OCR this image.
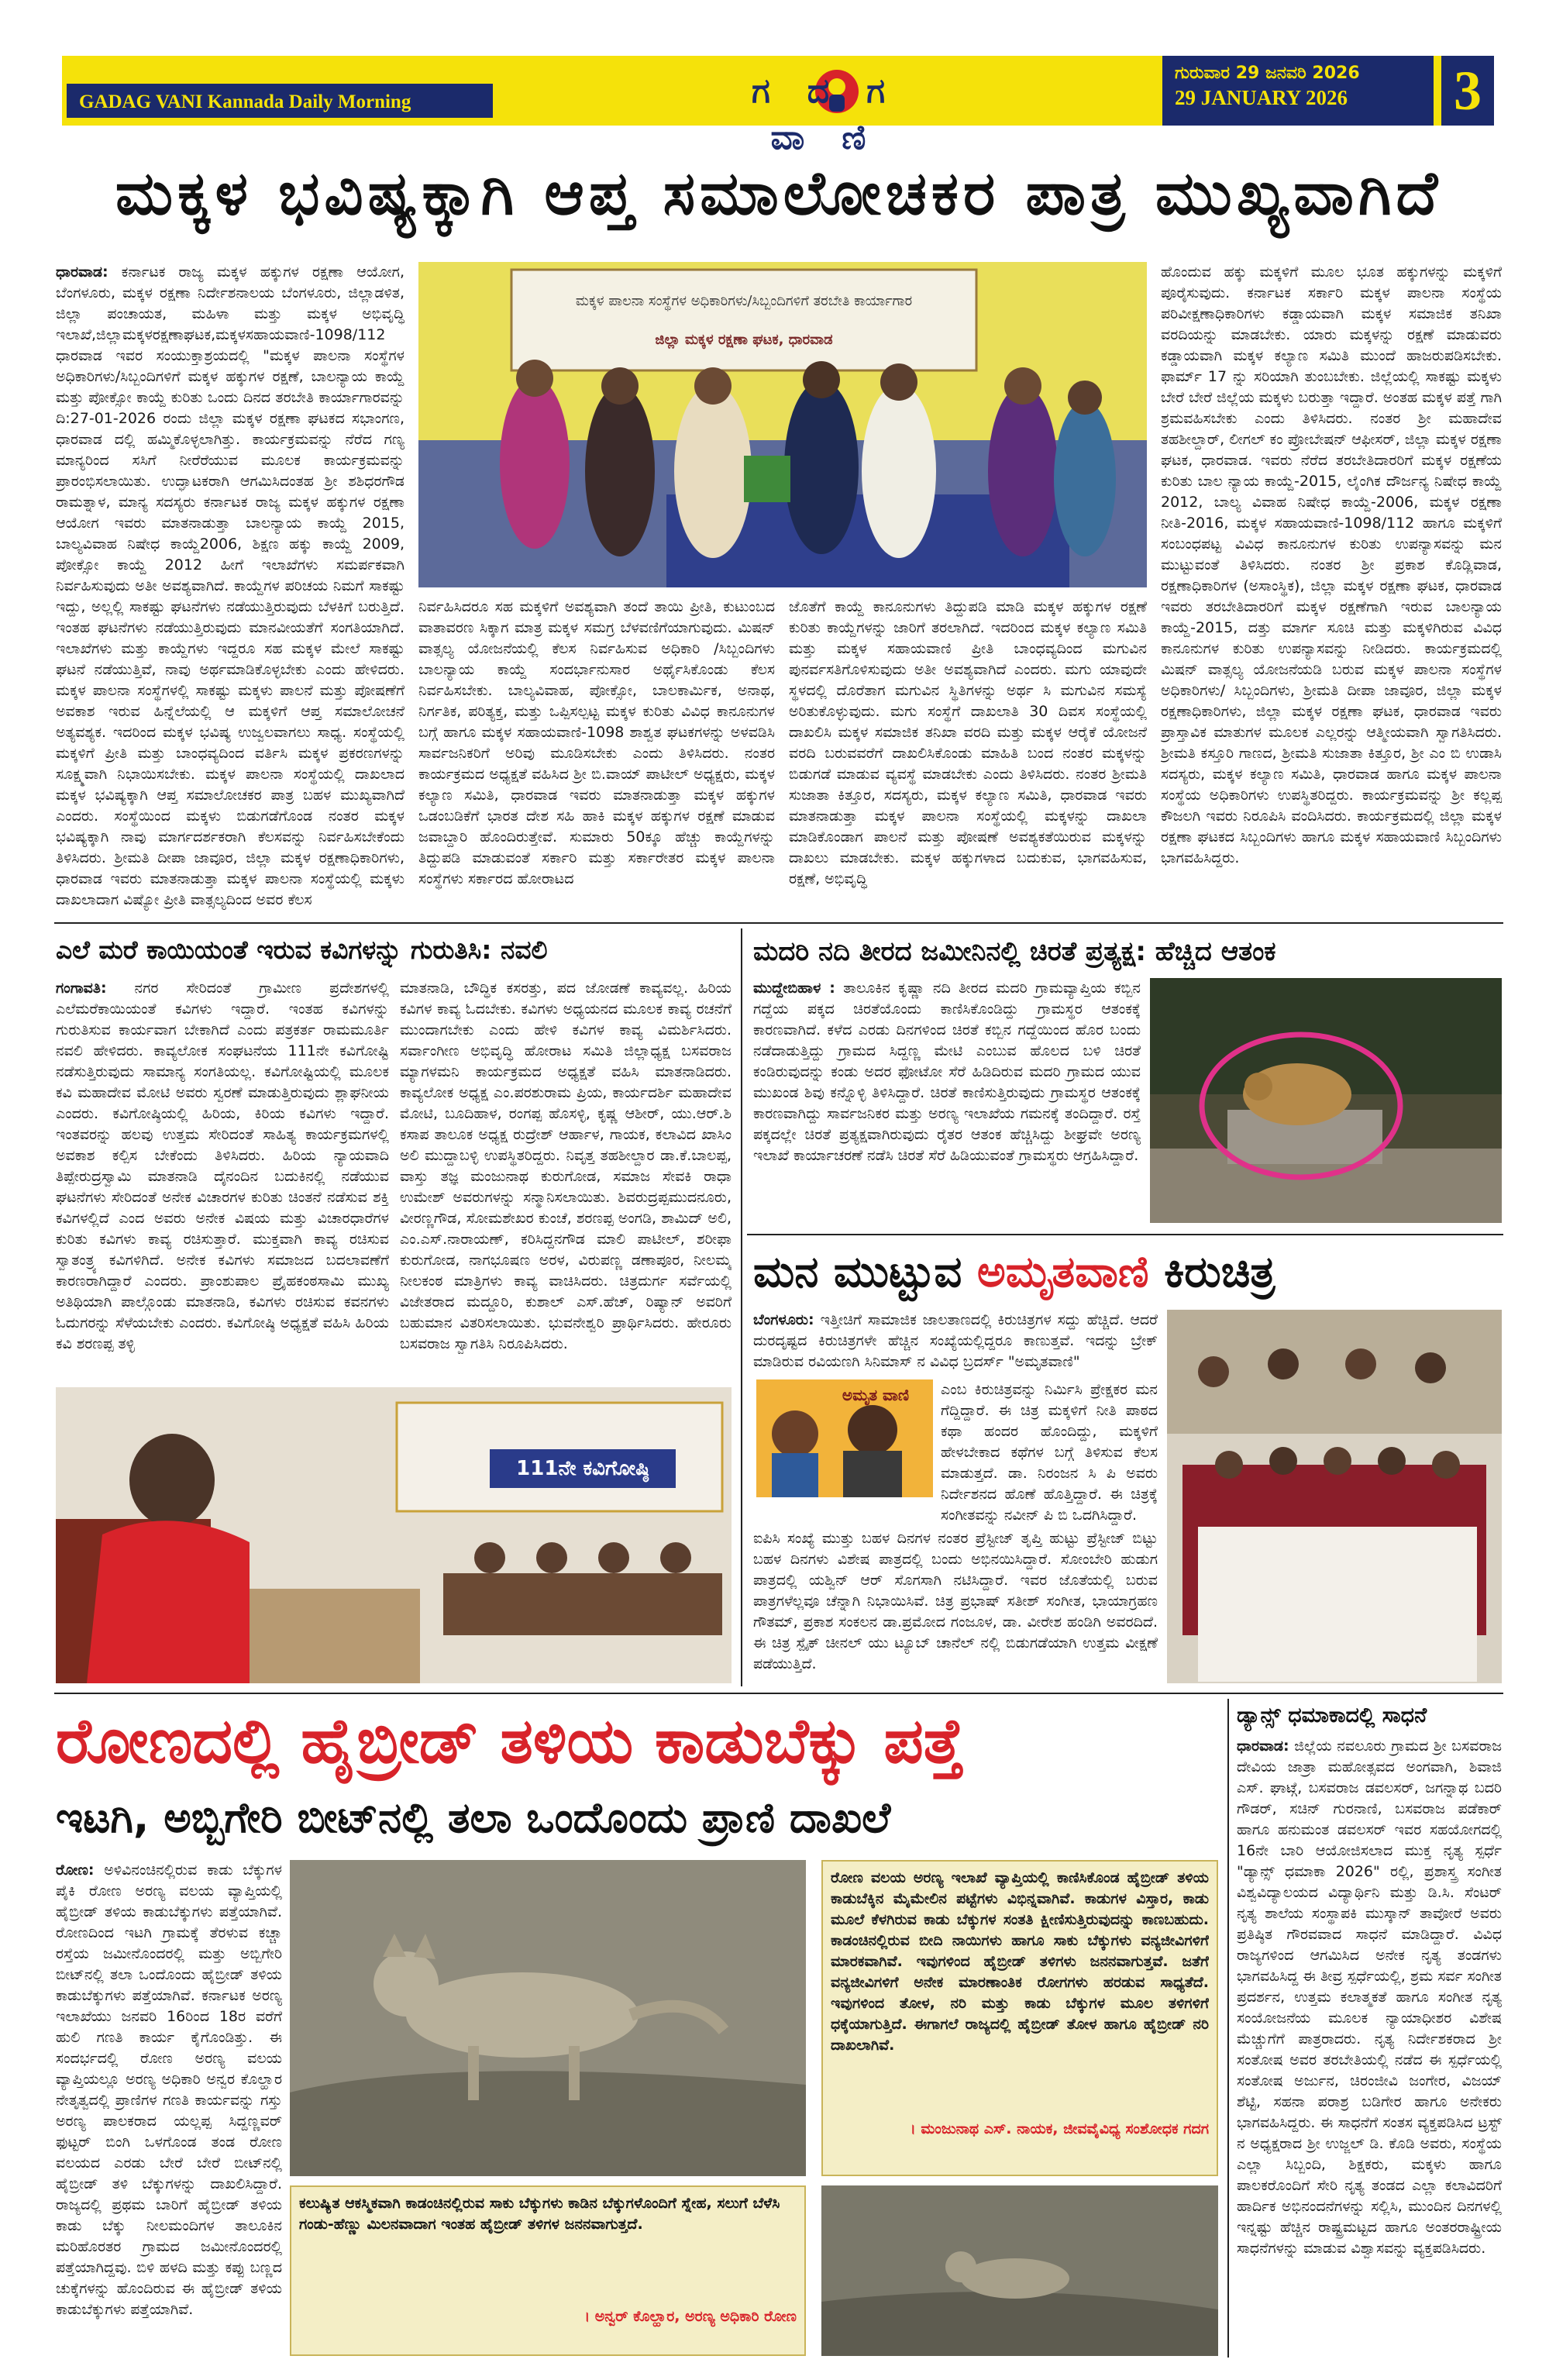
GADAG VANI Kannada Daily Morning	ಗದಗ ವಾಣಿ
ಗುರುವಾರ 29 ಜನವರಿ 2026
29 JANUARY 2026	3
ಮಕ್ಕಳ ಭವಿಷ್ಯಕ್ಕಾಗಿ ಆಪ್ತ ಸಮಾಲೋಚಕರ ಪಾತ್ರ ಮುಖ್ಯವಾಗಿದೆ
ಮಕ್ಕಳ ಪಾಲನಾ ಸಂಸ್ಥೆಗಳ ಅಧಿಕಾರಿಗಳು/ಸಿಬ್ಬಂದಿಗಳಿಗೆ ತರಬೇತಿ ಕಾರ್ಯಾಗಾರ
ಜಿಲ್ಲಾ ಮಕ್ಕಳ ರಕ್ಷಣಾ ಘಟಕ, ಧಾರವಾಡ
ಧಾರವಾಡ: ಕರ್ನಾಟಕ ರಾಜ್ಯ ಮಕ್ಕಳ ಹಕ್ಕುಗಳ ರಕ್ಷಣಾ ಆಯೋಗ, ಬೆಂಗಳೂರು, ಮಕ್ಕಳ ರಕ್ಷಣಾ ನಿರ್ದೇಶನಾಲಯ ಬೆಂಗಳೂರು, ಜಿಲ್ಲಾಡಳಿತ, ಜಿಲ್ಲಾ ಪಂಚಾಯತ, ಮಹಿಳಾ ಮತ್ತು ಮಕ್ಕಳ ಅಭಿವೃದ್ಧಿ ಇಲಾಖೆ,ಜಿಲ್ಲಾಮಕ್ಕಳರಕ್ಷಣಾಘಟಕ,ಮಕ್ಕಳಸಹಾಯವಾಣಿ-1098/112 ಧಾರವಾಡ ಇವರ ಸಂಯುಕ್ತಾಶ್ರಯದಲ್ಲಿ "ಮಕ್ಕಳ ಪಾಲನಾ ಸಂಸ್ಥೆಗಳ ಅಧಿಕಾರಿಗಳು/ಸಿಬ್ಬಂದಿಗಳಿಗೆ ಮಕ್ಕಳ ಹಕ್ಕುಗಳ ರಕ್ಷಣೆ, ಬಾಲನ್ಯಾಯ ಕಾಯ್ದೆ ಮತ್ತು ಪೋಕ್ಸೋ ಕಾಯ್ದೆ ಕುರಿತು ಒಂದು ದಿನದ ತರಬೇತಿ ಕಾರ್ಯಾಗಾರವನ್ನು ದಿ:27-01-2026 ರಂದು ಜಿಲ್ಲಾ ಮಕ್ಕಳ ರಕ್ಷಣಾ ಘಟಕದ ಸಭಾಂಗಣ, ಧಾರವಾಡ ದಲ್ಲಿ ಹಮ್ಮಿಕೊಳ್ಳಲಾಗಿತ್ತು. ಕಾರ್ಯಕ್ರಮವನ್ನು ನೆರೆದ ಗಣ್ಯ ಮಾನ್ಯರಿಂದ ಸಸಿಗೆ ನೀರೆರೆಯುವ ಮೂಲಕ ಕಾರ್ಯಕ್ರಮವನ್ನು ಪ್ರಾರಂಭಿಸಲಾಯಿತು. ಉದ್ಘಾಟಕರಾಗಿ ಆಗಮಿಸಿದಂತಹ ಶ್ರೀ ಶಶಿಧರಗೌಡ ರಾಮತ್ನಾಳ, ಮಾನ್ಯ ಸದಸ್ಯರು ಕರ್ನಾಟಕ ರಾಜ್ಯ ಮಕ್ಕಳ ಹಕ್ಕುಗಳ ರಕ್ಷಣಾ ಆಯೋಗ ಇವರು ಮಾತನಾಡುತ್ತಾ ಬಾಲನ್ಯಾಯ ಕಾಯ್ದೆ 2015, ಬಾಲ್ಯವಿವಾಹ ನಿಷೇಧ ಕಾಯ್ದೆ2006, ಶಿಕ್ಷಣ ಹಕ್ಕು ಕಾಯ್ದೆ 2009, ಪೋಕ್ಸೋ ಕಾಯ್ದೆ 2012 ಹೀಗೆ ಇಲಾಖೆಗಳು ಸಮರ್ಪಕವಾಗಿ ನಿರ್ವಹಿಸುವುದು ಅತೀ ಅವಶ್ಯವಾಗಿದೆ. ಕಾಯ್ದೆಗಳ ಪರಿಚಯ ನಿಮಗೆ ಸಾಕಷ್ಟು ಇದ್ದು, ಅಲ್ಲಲ್ಲಿ ಸಾಕಷ್ಟು ಘಟನೆಗಳು ನಡೆಯುತ್ತಿರುವುದು ಬೆಳಕಿಗೆ ಬರುತ್ತಿದೆ. ಇಂತಹ ಘಟನೆಗಳು ನಡೆಯುತ್ತಿರುವುದು ಮಾನವೀಯತೆಗೆ ಸಂಗತಿಯಾಗಿದೆ. ಇಲಾಖೆಗಳು ಮತ್ತು ಕಾಯ್ದೆಗಳು ಇದ್ದರೂ ಸಹ ಮಕ್ಕಳ ಮೇಲೆ ಸಾಕಷ್ಟು ಘಟನೆ ನಡೆಯುತ್ತಿವೆ, ನಾವು ಅರ್ಥಮಾಡಿಕೊಳ್ಳಬೇಕು ಎಂದು ಹೇಳಿದರು. ಮಕ್ಕಳ ಪಾಲನಾ ಸಂಸ್ಥೆಗಳಲ್ಲಿ ಸಾಕಷ್ಟು ಮಕ್ಕಳು ಪಾಲನೆ ಮತ್ತು ಪೋಷಣೆಗೆ ಅವಕಾಶ ಇರುವ ಹಿನ್ನೆಲೆಯಲ್ಲಿ ಆ ಮಕ್ಕಳಿಗೆ ಆಪ್ತ ಸಮಾಲೋಚನೆ ಅತ್ಯವಶ್ಯಕ. ಇದರಿಂದ ಮಕ್ಕಳ ಭವಿಷ್ಯ ಉಜ್ವಲವಾಗಲು ಸಾಧ್ಯ. ಸಂಸ್ಥೆಯಲ್ಲಿ ಮಕ್ಕಳಿಗೆ ಪ್ರೀತಿ ಮತ್ತು ಬಾಂಧವ್ಯದಿಂದ ವರ್ತಿಸಿ ಮಕ್ಕಳ ಪ್ರಕರಣಗಳನ್ನು ಸೂಕ್ಷ್ಮವಾಗಿ ನಿಭಾಯಿಸಬೇಕು. ಮಕ್ಕಳ ಪಾಲನಾ ಸಂಸ್ಥೆಯಲ್ಲಿ ದಾಖಲಾದ ಮಕ್ಕಳ ಭವಿಷ್ಯಕ್ಕಾಗಿ ಆಪ್ತ ಸಮಾಲೋಚಕರ ಪಾತ್ರ ಬಹಳ ಮುಖ್ಯವಾಗಿದೆ ಎಂದರು. ಸಂಸ್ಥೆಯಿಂದ ಮಕ್ಕಳು ಬಿಡುಗಡೆಗೊಂಡ ನಂತರ ಮಕ್ಕಳ ಭವಿಷ್ಯಕ್ಕಾಗಿ ನಾವು ಮಾರ್ಗದರ್ಶಕರಾಗಿ ಕೆಲಸವನ್ನು ನಿರ್ವಹಿಸಬೇಕೆಂದು ತಿಳಿಸಿದರು. ಶ್ರೀಮತಿ ದೀಪಾ ಜಾವೂರ, ಜಿಲ್ಲಾ ಮಕ್ಕಳ ರಕ್ಷಣಾಧಿಕಾರಿಗಳು, ಧಾರವಾಡ ಇವರು ಮಾತನಾಡುತ್ತಾ ಮಕ್ಕಳ ಪಾಲನಾ ಸಂಸ್ಥೆಯಲ್ಲಿ ಮಕ್ಕಳು ದಾಖಲಾದಾಗ ವಿಷ್ಯೋ ಪ್ರೀತಿ ವಾತ್ಸಲ್ಯದಿಂದ ಅವರ ಕೆಲಸ
ನಿರ್ವಹಿಸಿದರೂ ಸಹ ಮಕ್ಕಳಿಗೆ ಅವಶ್ಯವಾಗಿ ತಂದೆ ತಾಯಿ ಪ್ರೀತಿ, ಕುಟುಂಬದ ವಾತಾವರಣ ಸಿಕ್ಕಾಗ ಮಾತ್ರ ಮಕ್ಕಳ ಸಮಗ್ರ ಬೆಳವಣಿಗೆಯಾಗುವುದು. ಮಿಷನ್ ವಾತ್ಸಲ್ಯ ಯೋಜನೆಯಲ್ಲಿ ಕೆಲಸ ನಿರ್ವಹಿಸುವ ಅಧಿಕಾರಿ /ಸಿಬ್ಬಂದಿಗಳು ಬಾಲನ್ಯಾಯ ಕಾಯ್ದೆ ಸಂದರ್ಭಾನುಸಾರ ಅರ್ಥೈಸಿಕೊಂಡು ಕೆಲಸ ನಿರ್ವಹಿಸಬೇಕು. ಬಾಲ್ಯವಿವಾಹ, ಪೋಕ್ಸೋ, ಬಾಲಕಾರ್ಮಿಕ, ಅನಾಥ, ನಿರ್ಗತಿಕ, ಪರಿತ್ಯಕ್ತ, ಮತ್ತು ಒಪ್ಪಿಸಲ್ಪಟ್ಟ ಮಕ್ಕಳ ಕುರಿತು ವಿವಿಧ ಕಾನೂನುಗಳ ಬಗ್ಗೆ ಹಾಗೂ ಮಕ್ಕಳ ಸಹಾಯವಾಣಿ-1098 ಶಾಶ್ವತ ಘಟಕಗಳನ್ನು ಅಳವಡಿಸಿ ಸಾರ್ವಜನಿಕರಿಗೆ ಅರಿವು ಮೂಡಿಸಬೇಕು ಎಂದು ತಿಳಿಸಿದರು. ನಂತರ ಕಾರ್ಯಕ್ರಮದ ಅಧ್ಯಕ್ಷತೆ ವಹಿಸಿದ ಶ್ರೀ ಬಿ.ವಾಯ್ ಪಾಟೀಲ್ ಅಧ್ಯಕ್ಷರು, ಮಕ್ಕಳ ಕಲ್ಯಾಣ ಸಮಿತಿ, ಧಾರವಾಡ ಇವರು ಮಾತನಾಡುತ್ತಾ ಮಕ್ಕಳ ಹಕ್ಕುಗಳ ಒಡಂಬಡಿಕೆಗೆ ಭಾರತ ದೇಶ ಸಹಿ ಹಾಕಿ ಮಕ್ಕಳ ಹಕ್ಕುಗಳ ರಕ್ಷಣೆ ಮಾಡುವ ಜವಾಬ್ದಾರಿ ಹೊಂದಿರುತ್ತೇವೆ. ಸುಮಾರು 50ಕ್ಕೂ ಹೆಚ್ಚು ಕಾಯ್ದೆಗಳನ್ನು ತಿದ್ದುಪಡಿ ಮಾಡುವಂತೆ ಸರ್ಕಾರಿ ಮತ್ತು ಸರ್ಕಾರೇತರ ಮಕ್ಕಳ ಪಾಲನಾ ಸಂಸ್ಥೆಗಳು ಸರ್ಕಾರದ ಹೋರಾಟದ
ಜೊತೆಗೆ ಕಾಯ್ದೆ ಕಾನೂನುಗಳು ತಿದ್ದುಪಡಿ ಮಾಡಿ ಮಕ್ಕಳ ಹಕ್ಕುಗಳ ರಕ್ಷಣೆ ಕುರಿತು ಕಾಯ್ದೆಗಳನ್ನು ಜಾರಿಗೆ ತರಲಾಗಿದೆ. ಇದರಿಂದ ಮಕ್ಕಳ ಕಲ್ಯಾಣ ಸಮಿತಿ ಮತ್ತು ಮಕ್ಕಳ ಸಹಾಯವಾಣಿ ಪ್ರೀತಿ ಬಾಂಧವ್ಯದಿಂದ ಮಗುವಿನ ಪುನರ್ವಸತಿಗೊಳಿಸುವುದು ಅತೀ ಅವಶ್ಯವಾಗಿದೆ ಎಂದರು. ಮಗು ಯಾವುದೇ ಸ್ಥಳದಲ್ಲಿ ದೊರೆತಾಗ ಮಗುವಿನ ಸ್ಥಿತಿಗಳನ್ನು ಅರ್ಥ ಸಿ ಮಗುವಿನ ಸಮಸ್ಯೆ ಅರಿತುಕೊಳ್ಳುವುದು. ಮಗು ಸಂಸ್ಥೆಗೆ ದಾಖಲಾತಿ 30 ದಿವಸ ಸಂಸ್ಥೆಯಲ್ಲಿ ದಾಖಲಿಸಿ ಮಕ್ಕಳ ಸಮಾಜಿಕ ತನಿಖಾ ವರದಿ ಮತ್ತು ಮಕ್ಕಳ ಆರೈಕೆ ಯೋಜನೆ ವರದಿ ಬರುವವರೆಗೆ ದಾಖಲಿಸಿಕೊಂಡು ಮಾಹಿತಿ ಬಂದ ನಂತರ ಮಕ್ಕಳನ್ನು ಬಿಡುಗಡೆ ಮಾಡುವ ವ್ಯವಸ್ಥೆ ಮಾಡಬೇಕು ಎಂದು ತಿಳಿಸಿದರು. ನಂತರ ಶ್ರೀಮತಿ ಸುಜಾತಾ ಕಿತ್ತೂರ, ಸದಸ್ಯರು, ಮಕ್ಕಳ ಕಲ್ಯಾಣ ಸಮಿತಿ, ಧಾರವಾಡ ಇವರು ಮಾತನಾಡುತ್ತಾ ಮಕ್ಕಳ ಪಾಲನಾ ಸಂಸ್ಥೆಯಲ್ಲಿ ಮಕ್ಕಳನ್ನು ದಾಖಲಾ ಮಾಡಿಕೊಂಡಾಗ ಪಾಲನೆ ಮತ್ತು ಪೋಷಣೆ ಅವಶ್ಯಕತೆಯಿರುವ ಮಕ್ಕಳನ್ನು ದಾಖಲು ಮಾಡಬೇಕು. ಮಕ್ಕಳ ಹಕ್ಕುಗಳಾದ ಬದುಕುವ, ಭಾಗವಹಿಸುವ, ರಕ್ಷಣೆ, ಅಭಿವೃದ್ಧಿ
ಹೊಂದುವ ಹಕ್ಕು ಮಕ್ಕಳಿಗೆ ಮೂಲ ಭೂತ ಹಕ್ಕುಗಳನ್ನು ಮಕ್ಕಳಿಗೆ ಪೂರೈಸುವುದು. ಕರ್ನಾಟಕ ಸರ್ಕಾರಿ ಮಕ್ಕಳ ಪಾಲನಾ ಸಂಸ್ಥೆಯ ಪರಿವೀಕ್ಷಣಾಧಿಕಾರಿಗಳು ಕಡ್ಡಾಯವಾಗಿ ಮಕ್ಕಳ ಸಮಾಜಿಕ ತನಿಖಾ ವರದಿಯನ್ನು ಮಾಡಬೇಕು. ಯಾರು ಮಕ್ಕಳನ್ನು ರಕ್ಷಣೆ ಮಾಡುವರು ಕಡ್ಡಾಯವಾಗಿ ಮಕ್ಕಳ ಕಲ್ಯಾಣ ಸಮಿತಿ ಮುಂದೆ ಹಾಜರುಪಡಿಸಬೇಕು. ಫಾರ್ಮ್ 17 ನ್ನು ಸರಿಯಾಗಿ ತುಂಬಬೇಕು. ಜಿಲ್ಲೆಯಲ್ಲಿ ಸಾಕಷ್ಟು ಮಕ್ಕಳು ಬೇರೆ ಬೇರೆ ಜಿಲ್ಲೆಯ ಮಕ್ಕಳು ಬರುತ್ತಾ ಇದ್ದಾರೆ. ಅಂತಹ ಮಕ್ಕಳ ಪತ್ತೆ ಗಾಗಿ ಶ್ರಮವಹಿಸಬೇಕು ಎಂದು ತಿಳಿಸಿದರು. ನಂತರ ಶ್ರೀ ಮಹಾದೇವ ತಹಶೀಲ್ದಾರ್, ಲೀಗಲ್ ಕಂ ಪ್ರೋಬೇಷನ್ ಆಫೀಸರ್, ಜಿಲ್ಲಾ ಮಕ್ಕಳ ರಕ್ಷಣಾ ಘಟಕ, ಧಾರವಾಡ. ಇವರು ನೆರೆದ ತರಬೇತಿದಾರರಿಗೆ ಮಕ್ಕಳ ರಕ್ಷಣೆಯ ಕುರಿತು ಬಾಲ ನ್ಯಾಯ ಕಾಯ್ದೆ-2015, ಲೈಂಗಿಕ ದೌರ್ಜನ್ಯ ನಿಷೇಧ ಕಾಯ್ದೆ 2012, ಬಾಲ್ಯ ವಿವಾಹ ನಿಷೇಧ ಕಾಯ್ದೆ-2006, ಮಕ್ಕಳ ರಕ್ಷಣಾ ನೀತಿ-2016, ಮಕ್ಕಳ ಸಹಾಯವಾಣಿ-1098/112 ಹಾಗೂ ಮಕ್ಕಳಿಗೆ ಸಂಬಂಧಪಟ್ಟ ವಿವಿಧ ಕಾನೂನುಗಳ ಕುರಿತು ಉಪನ್ಯಾಸವನ್ನು ಮನ ಮುಟ್ಟುವಂತೆ ತಿಳಿಸಿದರು. ನಂತರ ಶ್ರೀ ಪ್ರಕಾಶ ಕೊಡ್ಲಿವಾಡ, ರಕ್ಷಣಾಧಿಕಾರಿಗಳ (ಅಸಾಂಸ್ಥಿಕ), ಜಿಲ್ಲಾ ಮಕ್ಕಳ ರಕ್ಷಣಾ ಘಟಕ, ಧಾರವಾಡ ಇವರು ತರಬೇತಿದಾರರಿಗೆ ಮಕ್ಕಳ ರಕ್ಷಣೆಗಾಗಿ ಇರುವ ಬಾಲನ್ಯಾಯ ಕಾಯ್ದೆ-2015, ದತ್ತು ಮಾರ್ಗ ಸೂಚಿ ಮತ್ತು ಮಕ್ಕಳಿಗಿರುವ ವಿವಿಧ ಕಾನೂನುಗಳ ಕುರಿತು ಉಪನ್ಯಾಸವನ್ನು ನೀಡಿದರು. ಕಾರ್ಯಕ್ರಮದಲ್ಲಿ ಮಿಷನ್ ವಾತ್ಸಲ್ಯ ಯೋಜನೆಯಡಿ ಬರುವ ಮಕ್ಕಳ ಪಾಲನಾ ಸಂಸ್ಥೆಗಳ ಅಧಿಕಾರಿಗಳು/ ಸಿಬ್ಬಂದಿಗಳು, ಶ್ರೀಮತಿ ದೀಪಾ ಜಾವೂರ, ಜಿಲ್ಲಾ ಮಕ್ಕಳ ರಕ್ಷಣಾಧಿಕಾರಿಗಳು, ಜಿಲ್ಲಾ ಮಕ್ಕಳ ರಕ್ಷಣಾ ಘಟಕ, ಧಾರವಾಡ ಇವರು ಪ್ರಾಸ್ತಾವಿಕ ಮಾತುಗಳ ಮೂಲಕ ಎಲ್ಲರನ್ನು ಆತ್ಮೀಯವಾಗಿ ಸ್ವಾಗತಿಸಿದರು. ಶ್ರೀಮತಿ ಕಸ್ತೂರಿ ಗಾಣದ, ಶ್ರೀಮತಿ ಸುಜಾತಾ ಕಿತ್ತೂರ, ಶ್ರೀ ಎಂ ಬಿ ಉಡಾಸಿ ಸದಸ್ಯರು, ಮಕ್ಕಳ ಕಲ್ಯಾಣ ಸಮಿತಿ, ಧಾರವಾಡ ಹಾಗೂ ಮಕ್ಕಳ ಪಾಲನಾ ಸಂಸ್ಥೆಯ ಅಧಿಕಾರಿಗಳು ಉಪಸ್ಥಿತರಿದ್ದರು. ಕಾರ್ಯಕ್ರಮವನ್ನು ಶ್ರೀ ಕಲ್ಲಪ್ಪ ಕೌಜಲಗಿ ಇವರು ನಿರೂಪಿಸಿ ವಂದಿಸಿದರು. ಕಾರ್ಯಕ್ರಮದಲ್ಲಿ ಜಿಲ್ಲಾ ಮಕ್ಕಳ ರಕ್ಷಣಾ ಘಟಕದ ಸಿಬ್ಬಂದಿಗಳು ಹಾಗೂ ಮಕ್ಕಳ ಸಹಾಯವಾಣಿ ಸಿಬ್ಬಂದಿಗಳು ಭಾಗವಹಿಸಿದ್ದರು.
ಎಲೆ ಮರೆ ಕಾಯಿಯಂತೆ ಇರುವ ಕವಿಗಳನ್ನು ಗುರುತಿಸಿ: ನವಲಿ
ಗಂಗಾವತಿ: ನಗರ ಸೇರಿದಂತೆ ಗ್ರಾಮೀಣ ಪ್ರದೇಶಗಳಲ್ಲಿ ಎಲೆಮರೆಕಾಯಿಯಂತೆ ಕವಿಗಳು ಇದ್ದಾರೆ. ಇಂತಹ ಕವಿಗಳನ್ನು ಗುರುತಿಸುವ ಕಾರ್ಯವಾಗ ಬೇಕಾಗಿದೆ ಎಂದು ಪತ್ರಕರ್ತ ರಾಮಮೂರ್ತಿ ನವಲಿ ಹೇಳಿದರು. ಕಾವ್ಯಲೋಕ ಸಂಘಟನೆಯ 111ನೇ ಕವಿಗೋಷ್ಟಿ ನಡೆಸುತ್ತಿರುವುದು ಸಾಮಾನ್ಯ ಸಂಗತಿಯಲ್ಲ. ಕವಿಗೋಷ್ಟಿಯಲ್ಲಿ ಮೂಲಕ ಕವಿ ಮಹಾದೇವ ಮೋಟಿ ಅವರು ಸ್ವರಣೆ ಮಾಡುತ್ತಿರುವುದು ಶ್ಲಾಘನೀಯ ಎಂದರು. ಕವಿಗೋಷ್ಠಿಯಲ್ಲಿ ಹಿರಿಯ, ಕಿರಿಯ ಕವಿಗಳು ಇದ್ದಾರೆ. ಇಂತವರನ್ನು ಹಲವು ಉತ್ತಮ ಸೇರಿದಂತೆ ಸಾಹಿತ್ಯ ಕಾರ್ಯಕ್ರಮಗಳಲ್ಲಿ ಅವಕಾಶ ಕಲ್ಪಿಸ ಬೇಕೆಂದು ತಿಳಿಸಿದರು. ಹಿರಿಯ ನ್ಯಾಯವಾದಿ ತಿಪ್ಪೇರುದ್ರಸ್ವಾಮಿ ಮಾತನಾಡಿ ದೈನಂದಿನ ಬದುಕಿನಲ್ಲಿ ನಡೆಯುವ ಘಟನೆಗಳು ಸೇರಿದಂತೆ ಅನೇಕ ವಿಚಾರಗಳ ಕುರಿತು ಚಿಂತನೆ ನಡೆಸುವ ಶಕ್ತಿ ಕವಿಗಳಲ್ಲಿದೆ ಎಂದ ಅವರು ಅನೇಕ ವಿಷಯ ಮತ್ತು ವಿಚಾರಧಾರೆಗಳ ಕುರಿತು ಕವಿಗಳು ಕಾವ್ಯ ರಚಿಸುತ್ತಾರೆ. ಮುಕ್ತವಾಗಿ ಕಾವ್ಯ ರಚಿಸುವ ಸ್ವಾತಂತ್ರ್ಯ ಕವಿಗಳಿಗಿದೆ. ಅನೇಕ ಕವಿಗಳು ಸಮಾಜದ ಬದಲಾವಣೆಗೆ ಕಾರಣರಾಗಿದ್ದಾರೆ ಎಂದರು. ಪ್ರಾಂಶುಪಾಲ ಪ್ರೈಹಕಂಠಸಾಮಿ ಮುಖ್ಯ ಅತಿಥಿಯಾಗಿ ಪಾಲ್ಗೊಂಡು ಮಾತನಾಡಿ, ಕವಿಗಳು ರಚಿಸುವ ಕವನಗಳು ಓದುಗರನ್ನು ಸೆಳೆಯಬೇಕು ಎಂದರು. ಕವಿಗೋಷ್ಠಿ ಅಧ್ಯಕ್ಷತೆ ವಹಿಸಿ ಹಿರಿಯ ಕವಿ ಶರಣಪ್ಪ ತಳ್ಳಿ
ಮಾತನಾಡಿ, ಬೌದ್ಧಿಕ ಕಸರತ್ತು, ಪದ ಜೋಡಣೆ ಕಾವ್ಯವಲ್ಲ. ಹಿರಿಯ ಕವಿಗಳ ಕಾವ್ಯ ಓದಬೇಕು. ಕವಿಗಳು ಅಧ್ಯಯನದ ಮೂಲಕ ಕಾವ್ಯ ರಚನೆಗೆ ಮುಂದಾಗಬೇಕು ಎಂದು ಹೇಳಿ ಕವಿಗಳ ಕಾವ್ಯ ವಿಮರ್ಶಿಸಿದರು. ಸರ್ವಾಂಗೀಣ ಅಭಿವೃದ್ಧಿ ಹೋರಾಟ ಸಮಿತಿ ಜಿಲ್ಲಾಧ್ಯಕ್ಷ ಬಸವರಾಜ ಮ್ಯಾಗಳಮನಿ ಕಾರ್ಯಕ್ರಮದ ಅಧ್ಯಕ್ಷತೆ ವಹಿಸಿ ಮಾತನಾಡಿದರು. ಕಾವ್ಯಲೋಕ ಅಧ್ಯಕ್ಷ ಎಂ.ಪರಶುರಾಮ ಪ್ರಿಯ, ಕಾರ್ಯದರ್ಶಿ ಮಹಾದೇವ ಮೋಟಿ, ಬೂದಿಹಾಳ, ರಂಗಪ್ಪ ಹೊಸಳ್ಳಿ, ಕೃಷ್ಣ ಆಶೀರ್, ಯು.ಆರ್.ಶಿ ಕಸಾಪ ತಾಲೂಕ ಅಧ್ಯಕ್ಷ ರುದ್ರೇಶ್ ಆರ್ಹಾಳ, ಗಾಯಕ, ಕಲಾವಿದ ಖಾಸಿಂ ಅಲಿ ಮುದ್ದಾಬಳ್ಳಿ ಉಪಸ್ಥಿತರಿದ್ದರು. ನಿವೃತ್ತ ತಹಶೀಲ್ದಾರ ಡಾ.ಕೆ.ಬಾಲಪ್ಪ, ವಾಸ್ತು ತಜ್ಞ ಮಂಜುನಾಥ ಕುರುಗೋಡ, ಸಮಾಜ ಸೇವಕಿ ರಾಧಾ ಉಮೇಶ್ ಅವರುಗಳನ್ನು ಸನ್ಮಾನಿಸಲಾಯಿತು. ಶಿವರುದ್ರಪ್ಪಮುದನೂರು, ವೀರಣ್ಣಗೌಡ, ಸೋಮಶೇಖರ ಕುಂಚೆ, ಶರಣಪ್ಪ ಅಂಗಡಿ, ಶಾಮಿದ್ ಅಲಿ, ಎಂ.ಎಸ್.ನಾರಾಯಣ್, ಕರಿಸಿದ್ದನಗೌಡ ಮಾಲಿ ಪಾಟೀಲ್, ಶರೀಫಾ ಕುರುಗೋಡ, ನಾಗಭೂಷಣ ಅರಳ, ವಿರುಪಣ್ಣ ಡಣಾಪೂರ, ನೀಲಮ್ಮ ನೀಲಕಂಠ ಮಾತ್ರಿಗಳು ಕಾವ್ಯ ವಾಚಿಸಿದರು. ಚಿತ್ರದುರ್ಗ ಸರ್ವೆಯಲ್ಲಿ ವಿಜೇತರಾದ ಮದ್ದೂರಿ, ಕುಶಾಲ್ ಎಸ್.ಹೆಚ್, ರಿಷ್ಯಾನ್ ಅವರಿಗೆ ಬಹುಮಾನ ವಿತರಿಸಲಾಯಿತು. ಭುವನೇಶ್ವರಿ ಪ್ರಾರ್ಥಿಸಿದರು. ಹೇರೂರು ಬಸವರಾಜ ಸ್ವಾಗತಿಸಿ ನಿರೂಪಿಸಿದರು.
111ನೇ ಕವಿಗೋಷ್ಠಿ
ಮದರಿ ನದಿ ತೀರದ ಜಮೀನಿನಲ್ಲಿ ಚಿರತೆ ಪ್ರತ್ಯಕ್ಷ: ಹೆಚ್ಚಿದ ಆತಂಕ
ಮುದ್ದೇಬಿಹಾಳ : ತಾಲೂಕಿನ ಕೃಷ್ಣಾ ನದಿ ತೀರದ ಮದರಿ ಗ್ರಾಮವ್ಯಾಪ್ತಿಯ ಕಬ್ಬಿನ ಗದ್ದೆಯ ಪಕ್ಕದ ಚಿರತೆಯೊಂದು ಕಾಣಿಸಿಕೊಂಡಿದ್ದು ಗ್ರಾಮಸ್ಥರ ಆತಂಕಕ್ಕೆ ಕಾರಣವಾಗಿದೆ. ಕಳೆದ ಎರಡು ದಿನಗಳಿಂದ ಚಿರತೆ ಕಬ್ಬಿನ ಗದ್ದೆಯಿಂದ ಹೊರ ಬಂದು ನಡೆದಾಡುತ್ತಿದ್ದು ಗ್ರಾಮದ ಸಿದ್ದಣ್ಣ ಮೇಟಿ ಎಂಬುವ ಹೊಲದ ಬಳಿ ಚಿರತೆ ಕಂಡಿರುವುದನ್ನು ಕಂಡು ಅದರ ಫೋಟೋ ಸೆರೆ ಹಿಡಿದಿರುವ ಮದರಿ ಗ್ರಾಮದ ಯುವ ಮುಖಂಡ ಶಿವು ಕನ್ನೊಳ್ಳಿ ತಿಳಿಸಿದ್ದಾರೆ. ಚಿರತೆ ಕಾಣಿಸುತ್ತಿರುವುದು ಗ್ರಾಮಸ್ಥರ ಆತಂಕಕ್ಕೆ ಕಾರಣವಾಗಿದ್ದು ಸಾರ್ವಜನಿಕರ ಮತ್ತು ಅರಣ್ಯ ಇಲಾಖೆಯ ಗಮನಕ್ಕೆ ತಂದಿದ್ದಾರೆ. ರಸ್ತೆ ಪಕ್ಕದಲ್ಲೇ ಚಿರತೆ ಪ್ರತ್ಯಕ್ಷವಾಗಿರುವುದು ರೈತರ ಆತಂಕ ಹೆಚ್ಚಿಸಿದ್ದು ಶೀಘ್ರವೇ ಅರಣ್ಯ ಇಲಾಖೆ ಕಾರ್ಯಾಚರಣೆ ನಡೆಸಿ ಚಿರತೆ ಸೆರೆ ಹಿಡಿಯುವಂತೆ ಗ್ರಾಮಸ್ಥರು ಆಗ್ರಹಿಸಿದ್ದಾರೆ.
ಮನ ಮುಟ್ಟುವ ಅಮೃತವಾಣಿ ಕಿರುಚಿತ್ರ
ಬೆಂಗಳೂರು: ಇತ್ತೀಚಿಗೆ ಸಾಮಾಜಿಕ ಜಾಲತಾಣದಲ್ಲಿ ಕಿರುಚಿತ್ರಗಳ ಸದ್ದು ಹೆಚ್ಚಿದೆ. ಆದರೆ ದುರದೃಷ್ಟದ ಕಿರುಚಿತ್ರಗಳೇ ಹೆಚ್ಚಿನ ಸಂಖ್ಯೆಯಲ್ಲಿದ್ದರೂ ಕಾಣುತ್ತವೆ. ಇದನ್ನು ಬ್ರೇಕ್ ಮಾಡಿರುವ ರವಿಯಣಗಿ ಸಿನಿಮಾಸ್ ನ ವಿವಿಧ ಬ್ರದರ್ಸ್ "ಅಮೃತವಾಣಿ"
ಅಮೃತ ವಾಣಿ	ಎಂಬ ಕಿರುಚಿತ್ರವನ್ನು ನಿರ್ಮಿಸಿ ಪ್ರೇಕ್ಷಕರ ಮನ ಗೆದ್ದಿದ್ದಾರೆ. ಈ ಚಿತ್ರ ಮಕ್ಕಳಿಗೆ ನೀತಿ ಪಾಠದ ಕಥಾ ಹಂದರ ಹೊಂದಿದ್ದು, ಮಕ್ಕಳಿಗೆ ಹೇಳಬೇಕಾದ ಕಥೆಗಳ ಬಗ್ಗೆ ತಿಳಿಸುವ ಕೆಲಸ ಮಾಡುತ್ತದೆ. ಡಾ. ನಿರಂಜನ ಸಿ ಪಿ ಅವರು ನಿರ್ದೇಶನದ ಹೊಣೆ ಹೊತ್ತಿದ್ದಾರೆ. ಈ ಚಿತ್ರಕ್ಕೆ ಸಂಗೀತವನ್ನು ನವೀನ್ ಪಿ ಬಿ ಒದಗಿಸಿದ್ದಾರೆ.
ಐಪಿಸಿ ಸಂಖ್ಯೆ ಮುತ್ತು ಬಹಳ ದಿನಗಳ ನಂತರ ಪ್ರೆಸ್ಟೀಜ್ ತೃಪ್ತಿ ಹುಟ್ಟು ಪ್ರೆಸ್ಟೀಜ್ ಬಿಟ್ಟು ಬಹಳ ದಿನಗಳು ವಿಶೇಷ ಪಾತ್ರದಲ್ಲಿ ಬಂದು ಅಭಿನಯಿಸಿದ್ದಾರೆ. ಸೋಂಬೇರಿ ಹುಡುಗ ಪಾತ್ರದಲ್ಲಿ ಯಶ್ವಿನ್ ಆರ್ ಸೊಗಸಾಗಿ ನಟಿಸಿದ್ದಾರೆ. ಇವರ ಜೊತೆಯಲ್ಲಿ ಬರುವ ಪಾತ್ರಗಳೆಲ್ಲವೂ ಚೆನ್ನಾಗಿ ನಿಭಾಯಿಸಿವೆ. ಚಿತ್ರ ಪ್ರಭಾಷ್ ಸತೀಶ್ ಸಂಗೀತ, ಭಾಯಾಗ್ರಹಣ ಗೌತಮ್, ಪ್ರಕಾಶ ಸಂಕಲನ ಡಾ.ಪ್ರಮೋದ ಗಂಜೂಳ, ಡಾ. ವೀರೇಶ ಹಂಡಿಗಿ ಅವರದಿದೆ. ಈ ಚಿತ್ರ ಸ್ಪೈಕ್ ಚೀನಲ್ ಯು ಟ್ಯೂಬ್ ಚಾನೆಲ್ ನಲ್ಲಿ ಬಿಡುಗಡೆಯಾಗಿ ಉತ್ತಮ ವೀಕ್ಷಣೆ ಪಡೆಯುತ್ತಿದೆ.
ರೋಣದಲ್ಲಿ ಹೈಬ್ರೀಡ್ ತಳಿಯ ಕಾಡುಬೆಕ್ಕು ಪತ್ತೆ
ಇಟಗಿ, ಅಬ್ಬಿಗೇರಿ ಬೀಟ್‌ನಲ್ಲಿ ತಲಾ ಒಂದೊಂದು ಪ್ರಾಣಿ ದಾಖಲೆ
ರೋಣ: ಅಳಿವಿನಂಚಿನಲ್ಲಿರುವ ಕಾಡು ಬೆಕ್ಕುಗಳ ಪೈಕಿ ರೋಣ ಅರಣ್ಯ ವಲಯ ವ್ಯಾಪ್ತಿಯಲ್ಲಿ ಹೈಬ್ರೀಡ್ ತಳಿಯ ಕಾಡುಬೆಕ್ಕುಗಳು ಪತ್ತೆಯಾಗಿವೆ. ರೋಣದಿಂದ ಇಟಗಿ ಗ್ರಾಮಕ್ಕೆ ತೆರಳುವ ಕಚ್ಚಾ ರಸ್ತೆಯ ಜಮೀನೊಂದರಲ್ಲಿ ಮತ್ತು ಅಬ್ಬಿಗೇರಿ ಬೀಟ್‌ನಲ್ಲಿ ತಲಾ ಒಂದೊಂದು ಹೈಬ್ರೀಡ್ ತಳಿಯ ಕಾಡುಬೆಕ್ಕುಗಳು ಪತ್ತೆಯಾಗಿವೆ. ಕರ್ನಾಟಕ ಅರಣ್ಯ ಇಲಾಖೆಯು ಜನವರಿ 16ರಿಂದ 18ರ ವರೆಗೆ ಹುಲಿ ಗಣತಿ ಕಾರ್ಯ ಕೈಗೊಂಡಿತ್ತು. ಈ ಸಂದರ್ಭದಲ್ಲಿ ರೋಣ ಅರಣ್ಯ ವಲಯ ವ್ಯಾಪ್ತಿಯಲ್ಲೂ ಅರಣ್ಯ ಅಧಿಕಾರಿ ಅನ್ವರ ಕೊಲ್ಹಾರ ನೇತೃತ್ವದಲ್ಲಿ ಪ್ರಾಣಿಗಳ ಗಣತಿ ಕಾರ್ಯವನ್ನು ಗಸ್ತು ಅರಣ್ಯ ಪಾಲಕರಾದ ಯಲ್ಲಪ್ಪ ಸಿದ್ದಣ್ಣವರ್ ಫುಟ್ಟರ್ ಬಿಂಗಿ ಒಳಗೊಂಡ ತಂಡ ರೋಣ ವಲಯದ ಎರಡು ಬೇರೆ ಬೇರೆ ಬೀಟ್‌ನಲ್ಲಿ ಹೈಬ್ರೀಡ್ ತಳಿ ಬೆಕ್ಕುಗಳನ್ನು ದಾಖಲಿಸಿದ್ದಾರೆ. ರಾಜ್ಯದಲ್ಲಿ ಪ್ರಥಮ ಬಾರಿಗೆ ಹೈಬ್ರೀಡ್ ತಳಿಯ ಕಾಡು ಬೆಕ್ಕು ನೀಲಮಂದಿಗಳ ತಾಲೂಕಿನ ಮರಿಹೊರತರ ಗ್ರಾಮದ ಜಮೀನೊಂದರಲ್ಲಿ ಪತ್ತೆಯಾಗಿದ್ದವು. ಬಿಳಿ ಹಳದಿ ಮತ್ತು ಕಪ್ಪು ಬಣ್ಣದ ಚುಕ್ಕೆಗಳನ್ನು ಹೊಂದಿರುವ ಈ ಹೈಬ್ರೀಡ್ ತಳಿಯ ಕಾಡುಬೆಕ್ಕುಗಳು ಪತ್ತೆಯಾಗಿವೆ.
ರೋಣ ವಲಯ ಅರಣ್ಯ ಇಲಾಖೆ ವ್ಯಾಪ್ತಿಯಲ್ಲಿ ಕಾಣಿಸಿಕೊಂಡ ಹೈಬ್ರೀಡ್ ತಳಿಯ ಕಾಡುಬೆಕ್ಕಿನ ಮೈಮೇಲಿನ ಪಟ್ಟೆಗಳು ವಿಭಿನ್ನವಾಗಿವೆ. ಕಾಡುಗಳ ವಿಸ್ತಾರ, ಕಾಡು ಮೂಲೆ ಕೆಳಗಿರುವ ಕಾಡು ಬೆಕ್ಕುಗಳ ಸಂತತಿ ಕ್ಷೀಣಿಸುತ್ತಿರುವುದನ್ನು ಕಾಣಬಹುದು. ಕಾಡಂಚಿನಲ್ಲಿರುವ ಬೀದಿ ನಾಯಿಗಳು ಹಾಗೂ ಸಾಕು ಬೆಕ್ಕುಗಳು ವನ್ಯಜೀವಿಗಳಿಗೆ ಮಾರಕವಾಗಿವೆ. ಇವುಗಳಿಂದ ಹೈಬ್ರೀಡ್ ತಳಿಗಳು ಜನನವಾಗುತ್ತವೆ. ಜತೆಗೆ ವನ್ಯಜೀವಿಗಳಿಗೆ ಅನೇಕ ಮಾರಣಾಂತಿಕ ರೋಗಗಳು ಹರಡುವ ಸಾಧ್ಯತೆದೆ. ಇವುಗಳಿಂದ ತೋಳ, ನರಿ ಮತ್ತು ಕಾಡು ಬೆಕ್ಕುಗಳ ಮೂಲ ತಳಿಗಳಿಗೆ ಧಕ್ಕೆಯಾಗುತ್ತಿದೆ. ಈಗಾಗಲೆ ರಾಜ್ಯದಲ್ಲಿ ಹೈಬ್ರೀಡ್ ತೋಳ ಹಾಗೂ ಹೈಬ್ರೀಡ್ ನರಿ ದಾಖಲಾಗಿವೆ.
। ಮಂಜುನಾಥ ಎಸ್. ನಾಯಕ, ಜೀವವೈವಿಧ್ಯ ಸಂಶೋಧಕ ಗದಗ
ಕಲುಷ್ಯಿತ ಆಕಸ್ಮಿಕವಾಗಿ ಕಾಡಂಚಿನಲ್ಲಿರುವ ಸಾಕು ಬೆಕ್ಕುಗಳು ಕಾಡಿನ ಬೆಕ್ಕುಗಳೊಂದಿಗೆ ಸ್ನೇಹ, ಸಲುಗೆ ಬೆಳೆಸಿ ಗಂಡು-ಹೆಣ್ಣು ಮಿಲನವಾದಾಗ ಇಂತಹ ಹೈಬ್ರೀಡ್ ತಳಿಗಳ ಜನನವಾಗುತ್ತದೆ.
। ಅನ್ವರ್ ಕೊಲ್ಹಾರ, ಅರಣ್ಯ ಅಧಿಕಾರಿ ರೋಣ
ಡ್ಯಾನ್ಸ್ ಧಮಾಕಾದಲ್ಲಿ ಸಾಧನೆ
ಧಾರವಾಡ: ಜಿಲ್ಲೆಯ ನವಲೂರು ಗ್ರಾಮದ ಶ್ರೀ ಬಸವರಾಜ ದೇವಿಯ ಜಾತ್ರಾ ಮಹೋತ್ಸವದ ಅಂಗವಾಗಿ, ಶಿವಾಜಿ ಎಸ್. ಘಾಟ್ಗೆ, ಬಸವರಾಜ ಡವಲಸರ್, ಜಗನ್ನಾಥ ಬದರಿ ಗೌಡರ್, ಸಚಿನ್ ಗುರನಾಣಿ, ಬಸವರಾಜ ಪಡೆಕಾರ್ ಹಾಗೂ ಹನುಮಂತ ಡವಲಸರ್ ಇವರ ಸಹಯೋಗದಲ್ಲಿ 16ನೇ ಬಾರಿ ಆಯೋಜಿಸಲಾದ ಮುಕ್ತ ನೃತ್ಯ ಸ್ಪರ್ಧೆ "ಡ್ಯಾನ್ಸ್ ಧಮಾಕಾ 2026" ರಲ್ಲಿ, ಪ್ರಶಾಸ್ತ್ರ ಸಂಗೀತ ವಿಶ್ವವಿದ್ಯಾಲಯದ ವಿದ್ಯಾರ್ಥಿನಿ ಮತ್ತು ಡಿ.ಸಿ. ಸೆಂಟರ್ ನೃತ್ಯ ಶಾಲೆಯ ಸಂಸ್ಥಾಪಕಿ ಮುಸ್ಕಾನ್ ತಾವೋರೆ ಅವರು ಪ್ರತಿಷ್ಠಿತ ಗೌರವವಾದ ಸಾಧನೆ ಮಾಡಿದ್ದಾರೆ. ವಿವಿಧ ರಾಜ್ಯಗಳಿಂದ ಆಗಮಿಸಿದ ಅನೇಕ ನೃತ್ಯ ತಂಡಗಳು ಭಾಗವಹಿಸಿದ್ದ ಈ ತೀವ್ರ ಸ್ಪರ್ಧೆಯಲ್ಲಿ, ಶ್ರಮ ಸರ್ವ ಸಂಗೀತ ಪ್ರದರ್ಶನ, ಉತ್ತಮ ಕಲಾತ್ಮಕತೆ ಹಾಗೂ ಸಂಗೀತ ನೃತ್ಯ ಸಂಯೋಜನೆಯ ಮೂಲಕ ನ್ಯಾಯಾಧೀಶರ ವಿಶೇಷ ಮೆಚ್ಚುಗೆಗೆ ಪಾತ್ರರಾದರು. ನೃತ್ಯ ನಿರ್ದೇಶಕರಾದ ಶ್ರೀ ಸಂತೋಷ ಅವರ ತರಬೇತಿಯಲ್ಲಿ ನಡೆದ ಈ ಸ್ಪರ್ಧೆಯಲ್ಲಿ ಸಂತೋಷ ಅರ್ಜುನ, ಚಿರಂಜೀವಿ ಜಂಗೇರ, ವಿಜಯ್ ಶೆಟ್ಟಿ, ಸಹನಾ ಪರಾಶ್ರ ಬಡಿಗೇರ ಹಾಗೂ ಅನೇಕರು ಭಾಗವಹಿಸಿದ್ದರು. ಈ ಸಾಧನೆಗೆ ಸಂತಸ ವ್ಯಕ್ತಪಡಿಸಿದ ಟ್ರಸ್ಟ್ ನ ಅಧ್ಯಕ್ಷರಾದ ಶ್ರೀ ಉಜ್ಜಲ್ ಡಿ. ಕೊಡಿ ಅವರು, ಸಂಸ್ಥೆಯ ಎಲ್ಲಾ ಸಿಬ್ಬಂದಿ, ಶಿಕ್ಷಕರು, ಮಕ್ಕಳು ಹಾಗೂ ಪಾಲಕರೊಂದಿಗೆ ಸೇರಿ ನೃತ್ಯ ತಂಡದ ಎಲ್ಲಾ ಕಲಾವಿದರಿಗೆ ಹಾರ್ದಿಕ ಅಭಿನಂದನೆಗಳನ್ನು ಸಲ್ಲಿಸಿ, ಮುಂದಿನ ದಿನಗಳಲ್ಲಿ ಇನ್ನಷ್ಟು ಹೆಚ್ಚಿನ ರಾಷ್ಟ್ರಮಟ್ಟದ ಹಾಗೂ ಅಂತರರಾಷ್ಟ್ರೀಯ ಸಾಧನೆಗಳನ್ನು ಮಾಡುವ ವಿಶ್ವಾಸವನ್ನು ವ್ಯಕ್ತಪಡಿಸಿದರು.
